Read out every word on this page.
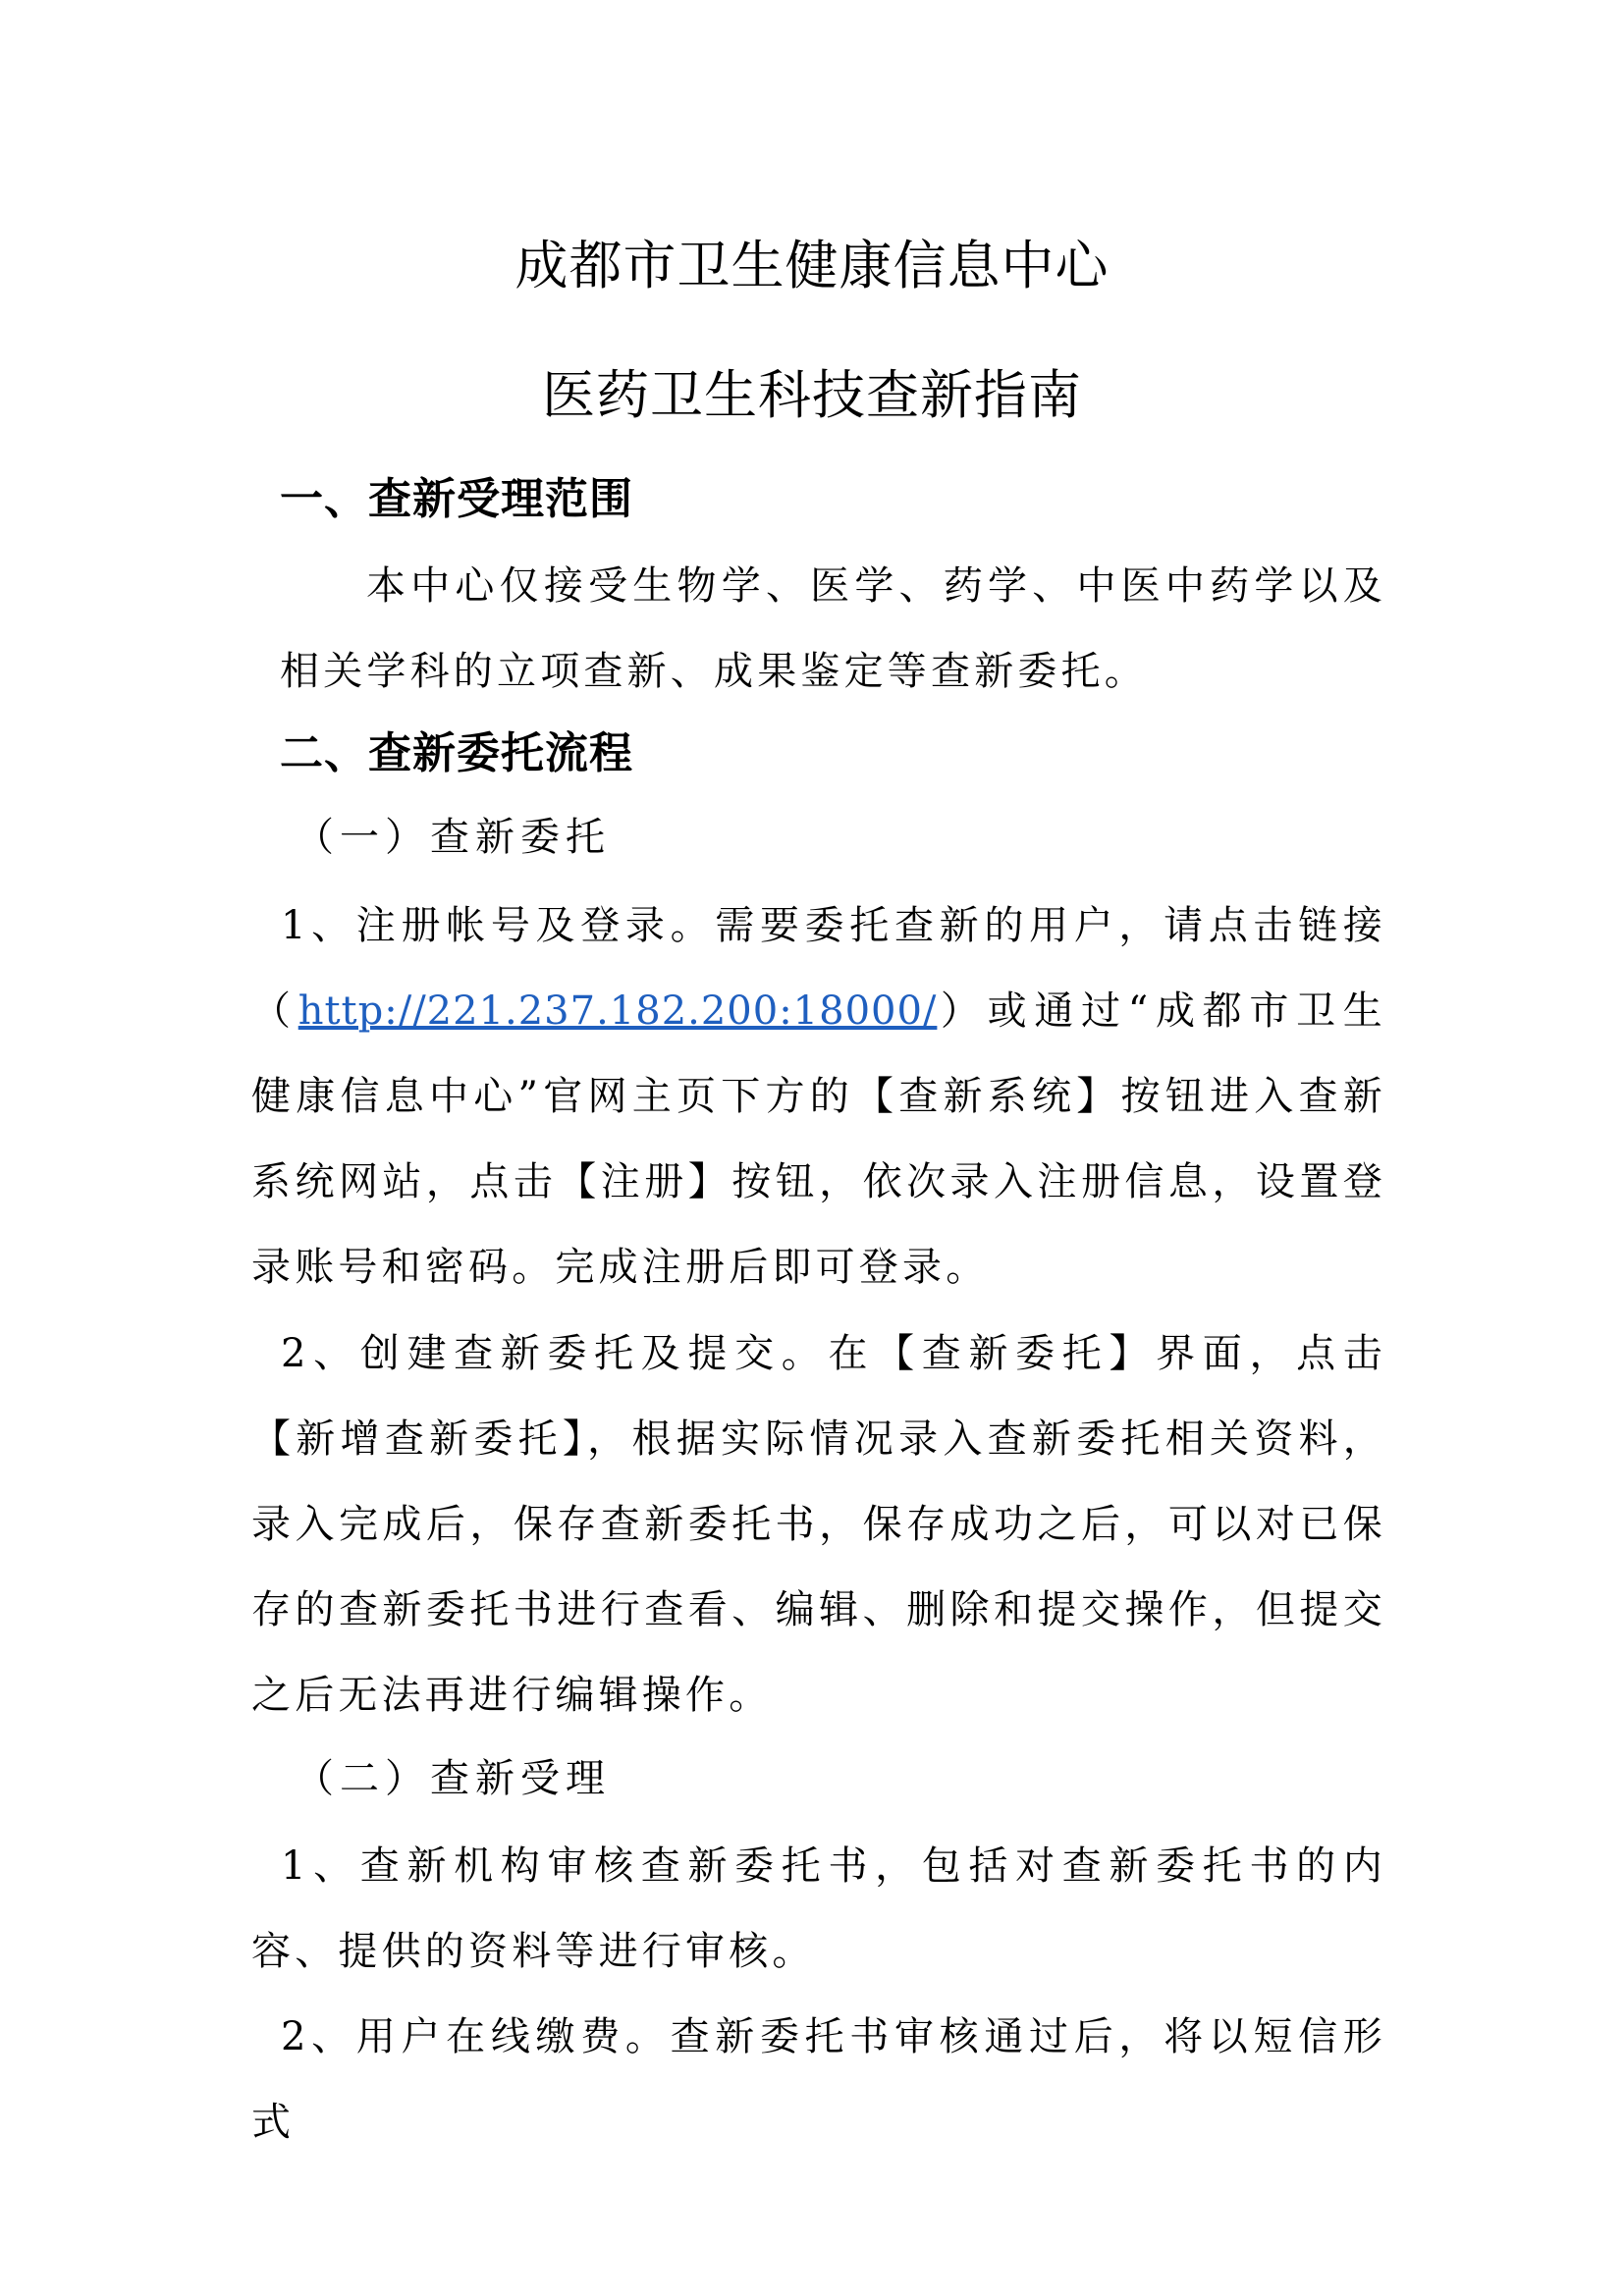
成都市卫生健康信息中心
医药卫生科技查新指南
一、查新受理范围
本中心仅接受生物学、医学、药学、中医中药学以及相关学科的立项查新、成果鉴定等查新委托。
二、查新委托流程
（一）查新委托
1、注册帐号及登录。需要委托查新的用户，请点击链接（http://221.237.182.200:18000/）或通过“成都市卫生健康信息中心”官网主页下方的【查新系统】按钮进入查新系统网站，点击【注册】按钮，依次录入注册信息，设置登录账号和密码。完成注册后即可登录。
2、创建查新委托及提交。在【查新委托】界面，点击【新增查新委托】，根据实际情况录入查新委托相关资料，录入完成后，保存查新委托书，保存成功之后，可以对已保存的查新委托书进行查看、编辑、删除和提交操作，但提交之后无法再进行编辑操作。
（二）查新受理
1、查新机构审核查新委托书，包括对查新委托书的内容、提供的资料等进行审核。
2、用户在线缴费。查新委托书审核通过后，将以短信形式
